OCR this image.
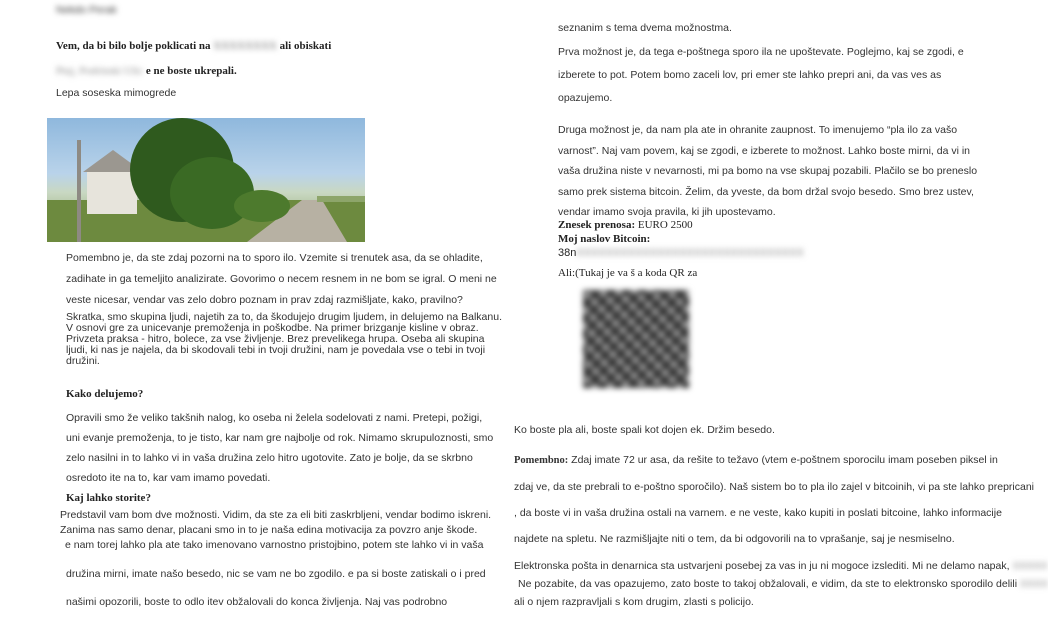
Nekdo Perak
Vem, da bi bilo bolje poklicati na XXXXXXXX ali obiskati
Ptuj, Podrinski Ulic e ne boste ukrepali.
Lepa soseska mimogrede
Pomembno je, da ste zdaj pozorni na to sporo ilo. Vzemite si trenutek asa, da se ohladite,
zadihate in ga temeljito analizirate. Govorimo o necem resnem in ne bom se igral. O meni ne
veste nicesar, vendar vas zelo dobro poznam in prav zdaj razmišljate, kako, pravilno?
Skratka, smo skupina ljudi, najetih za to, da škodujejo drugim ljudem, in delujemo na Balkanu.
V osnovi gre za unicevanje premoženja in poškodbe. Na primer brizganje kisline v obraz.
Privzeta praksa - hitro, bolece, za vse življenje. Brez prevelikega hrupa. Oseba ali skupina
ljudi, ki nas je najela, da bi skodovali tebi in tvoji družini, nam je povedala vse o tebi in tvoji
družini.
Kako delujemo?
Opravili smo že veliko takšnih nalog, ko oseba ni želela sodelovati z nami. Pretepi, požigi,
uni evanje premoženja, to je tisto, kar nam gre najbolje od rok. Nimamo skrupuloznosti, smo
zelo nasilni in to lahko vi in vaša družina zelo hitro ugotovite. Zato je bolje, da se skrbno
osredoto ite na to, kar vam imamo povedati.
Kaj lahko storite?
Predstavil vam bom dve možnosti. Vidim, da ste za eli biti zaskrbljeni, vendar bodimo iskreni.
Zanima nas samo denar, placani smo in to je naša edina motivacija za povzro anje škode.
e nam torej lahko pla ate tako imenovano varnostno pristojbino, potem ste lahko vi in vaša
družina mirni, imate našo besedo, nic se vam ne bo zgodilo. e pa si boste zatiskali o i pred
našimi opozorili, boste to odlo itev obžalovali do konca življenja. Naj vas podrobno
seznanim s tema dvema možnostma.
Prva možnost je, da tega e-poštnega sporo ila ne upoštevate. Poglejmo, kaj se zgodi, e
izberete to pot. Potem bomo zaceli lov, pri emer ste lahko prepri ani, da vas ves as
opazujemo.
Druga možnost je, da nam pla ate in ohranite zaupnost. To imenujemo “pla ilo za vašo
varnost”. Naj vam povem, kaj se zgodi, e izberete to možnost. Lahko boste mirni, da vi in
vaša družina niste v nevarnosti, mi pa bomo na vse skupaj pozabili. Plačilo se bo preneslo
samo prek sistema bitcoin. Želim, da yveste, da bom držal svojo besedo. Smo brez ustev,
vendar imamo svoja pravila, ki jih upostevamo.
Znesek prenosa: EURO 2500
Moj naslov Bitcoin:
38nXXXXXXXXXXXXXXXXXXXXXXXXXXXXXXX
Ali:(Tukaj je va š a koda QR za
Ko boste pla ali, boste spali kot dojen ek. Držim besedo.
Pomembno: Zdaj imate 72 ur asa, da rešite to težavo (vtem e-poštnem sporocilu imam poseben piksel in
zdaj ve, da ste prebrali to e-poštno sporočilo). Naš sistem bo to pla ilo zajel v bitcoinih, vi pa ste lahko prepricani
, da boste vi in vaša družina ostali na varnem. e ne veste, kako kupiti in poslati bitcoine, lahko informacije
najdete na spletu. Ne razmišljajte niti o tem, da bi odgovorili na to vprašanje, saj je nesmiselno.
Elektronska pošta in denarnica sta ustvarjeni posebej za vas in ju ni mogoce izslediti. Mi ne delamo napak, XXXXX
Ne pozabite, da vas opazujemo, zato boste to takoj obžalovali, e vidim, da ste to elektronsko sporodilo delili XXXX
ali o njem razpravljali s kom drugim, zlasti s policijo.
